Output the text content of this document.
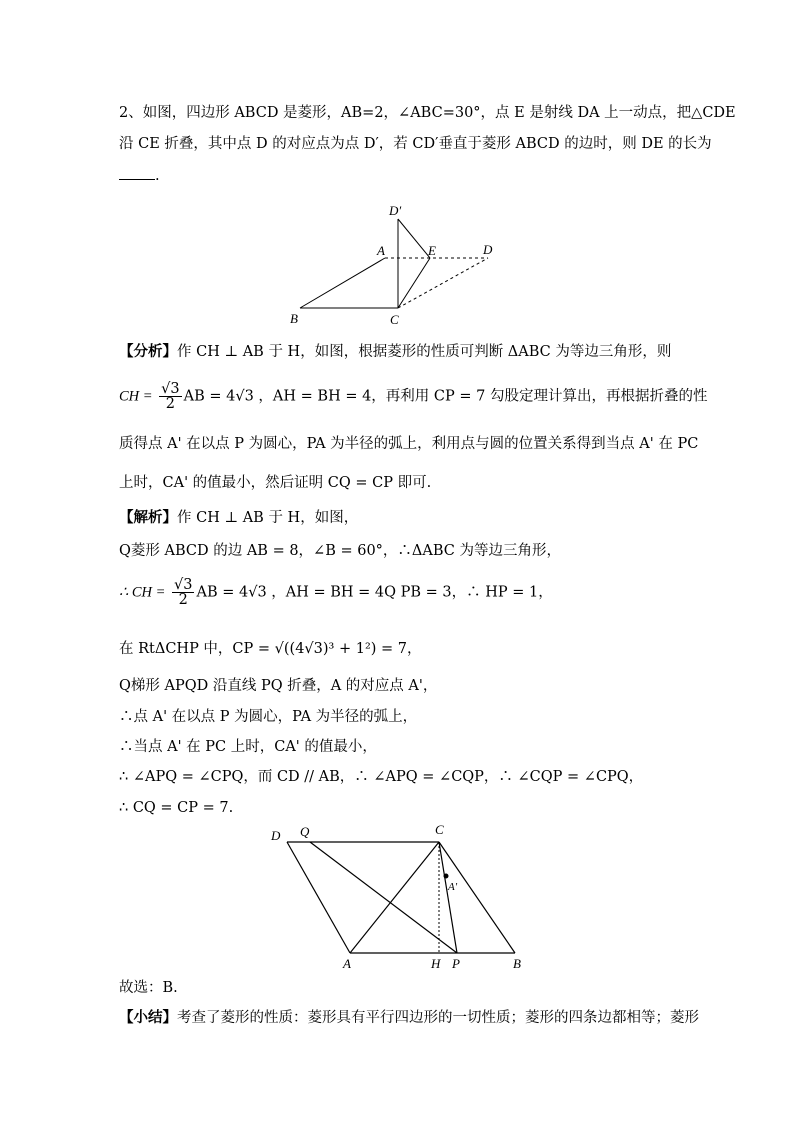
2、如图，四边形 ABCD 是菱形，AB=2，∠ABC=30°，点 E 是射线 DA 上一动点，把△CDE
沿 CE 折叠，其中点 D 的对应点为点 D′，若 CD′垂直于菱形 ABCD 的边时，则 DE 的长为
.
D′
A	E	D
B	C
【分析】作 CH ⊥ AB 于 H，如图，根据菱形的性质可判断 ΔABC 为等边三角形，则
CH = $\frac{√3}{2}$ AB = 4√3 ，AH = BH = 4，再利用 CP = 7 勾股定理计算出，再根据折叠的性
质得点 A' 在以点 P 为圆心，PA 为半径的弧上，利用点与圆的位置关系得到当点 A' 在 PC
上时，CA' 的值最小，然后证明 CQ = CP 即可.
【解析】作 CH ⊥ AB 于 H，如图，
Q菱形 ABCD 的边 AB = 8，∠B = 60°，∴ΔABC 为等边三角形，
∴ CH = $\frac{√3}{2}$ AB = 4√3 ，AH = BH = 4Q PB = 3，∴ HP = 1，
在 RtΔCHP 中，CP = √((4√3)³ + 1²) = 7，
Q梯形 APQD 沿直线 PQ 折叠，A 的对应点 A'，
∴点 A' 在以点 P 为圆心，PA 为半径的弧上，
∴当点 A' 在 PC 上时，CA' 的值最小，
∴ ∠APQ = ∠CPQ，而 CD // AB，∴ ∠APQ = ∠CQP，∴ ∠CQP = ∠CPQ，
∴ CQ = CP = 7.
D Q	C
A'
A	H P	B
故选：B.
【小结】考查了菱形的性质：菱形具有平行四边形的一切性质；菱形的四条边都相等；菱形
